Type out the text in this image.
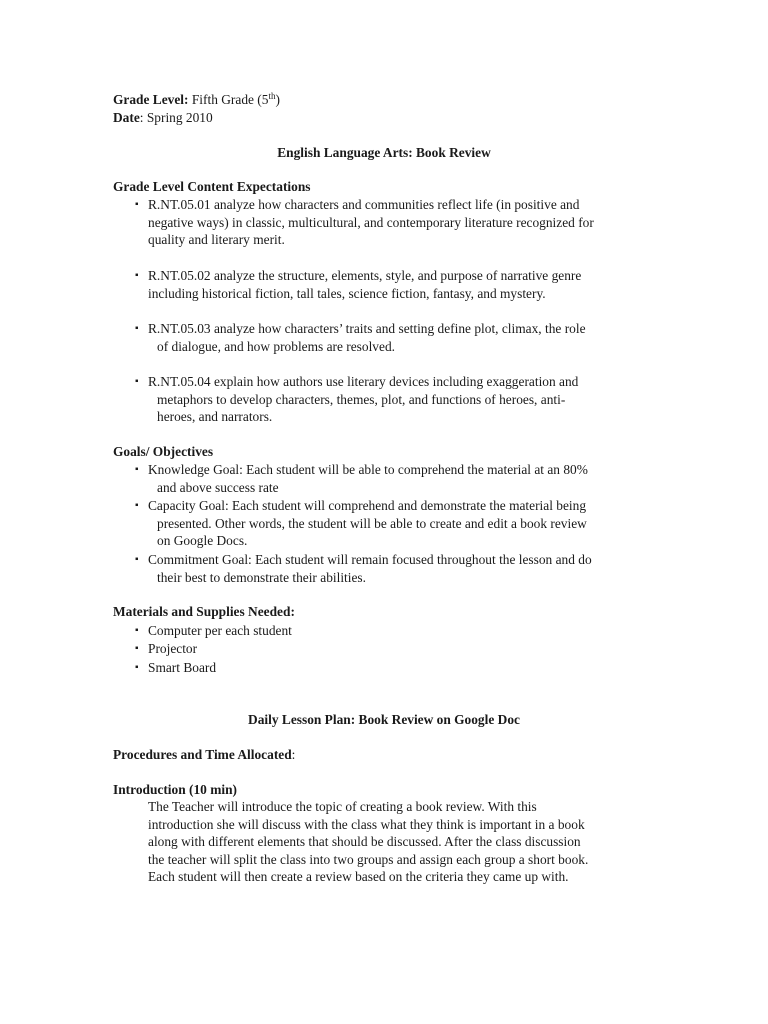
Grade Level: Fifth Grade (5th)
Date: Spring 2010
English Language Arts: Book Review
Grade Level Content Expectations
▪ R.NT.05.01 analyze how characters and communities reflect life (in positive and
negative ways) in classic, multicultural, and contemporary literature recognized for
quality and literary merit.
▪ R.NT.05.02 analyze the structure, elements, style, and purpose of narrative genre
including historical fiction, tall tales, science fiction, fantasy, and mystery.
▪ R.NT.05.03 analyze how characters’ traits and setting define plot, climax, the role
of dialogue, and how problems are resolved.
▪ R.NT.05.04 explain how authors use literary devices including exaggeration and
metaphors to develop characters, themes, plot, and functions of heroes, anti-
heroes, and narrators.
Goals/ Objectives
▪ Knowledge Goal: Each student will be able to comprehend the material at an 80%
and above success rate
▪ Capacity Goal: Each student will comprehend and demonstrate the material being
presented. Other words, the student will be able to create and edit a book review
on Google Docs.
▪ Commitment Goal: Each student will remain focused throughout the lesson and do
their best to demonstrate their abilities.
Materials and Supplies Needed:
▪ Computer per each student
▪ Projector
▪ Smart Board
Daily Lesson Plan: Book Review on Google Doc
Procedures and Time Allocated:
Introduction (10 min)
The Teacher will introduce the topic of creating a book review. With this
introduction she will discuss with the class what they think is important in a book
along with different elements that should be discussed. After the class discussion
the teacher will split the class into two groups and assign each group a short book.
Each student will then create a review based on the criteria they came up with.
